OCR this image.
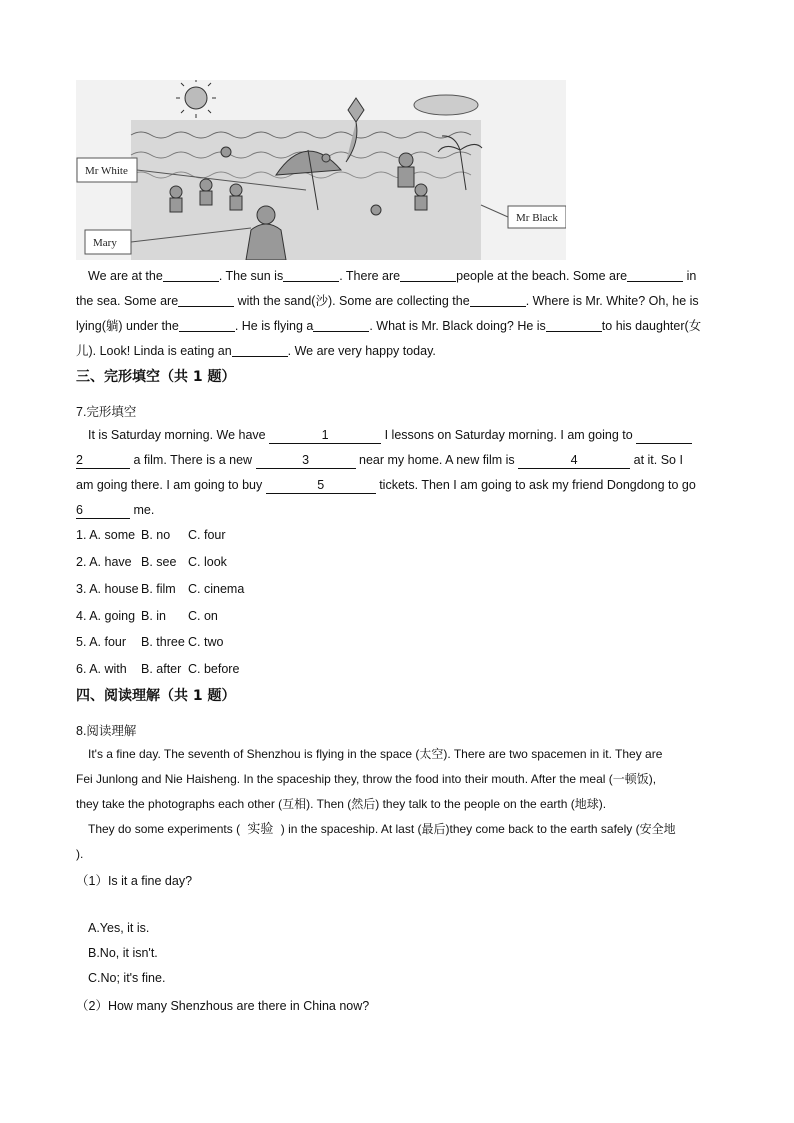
Mr White
Mr Black
Mary
We are at the	. The sun is	. There are	people at the beach. Some are	in
the sea. Some are	with the sand(沙). Some are collecting the	. Where is Mr. White? Oh, he is
lying(躺) under the	. He is flying a	. What is Mr. Black doing? He is	to his daughter(女
儿). Look! Linda is eating an	. We are very happy today.
三、完形填空（共 1 题）
7.完形填空
It is Saturday morning. We have	1	I lessons on Saturday morning. I am going to
2	a film. There is a new	3	near my home. A new film is	4	at it. So I
am going there. I am going to buy	5	tickets. Then I am going to ask my friend Dongdong to go
6	me.
1. A. some B. no C. four
2. A. have B. see C. look
3. A. house B. film C. cinema
4. A. going B. in C. on
5. A. four B. three C. two
6. A. with B. after C. before
四、阅读理解（共 1 题）
8.阅读理解
It's a fine day. The seventh of Shenzhou is flying in the space (太空). There are two spacemen in it. They are
Fei Junlong and Nie Haisheng. In the spaceship they, throw the food into their mouth. After the meal (一顿饭),
they take the photographs each other (互相). Then (然后) they talk to the people on the earth (地球).
They do some experiments ( 实验 ) in the spaceship. At last (最后)they come back to the earth safely (安全地
).
（1）Is it a fine day?
A.Yes, it is.
B.No, it isn't.
C.No; it's fine.
（2）How many Shenzhous are there in China now?
